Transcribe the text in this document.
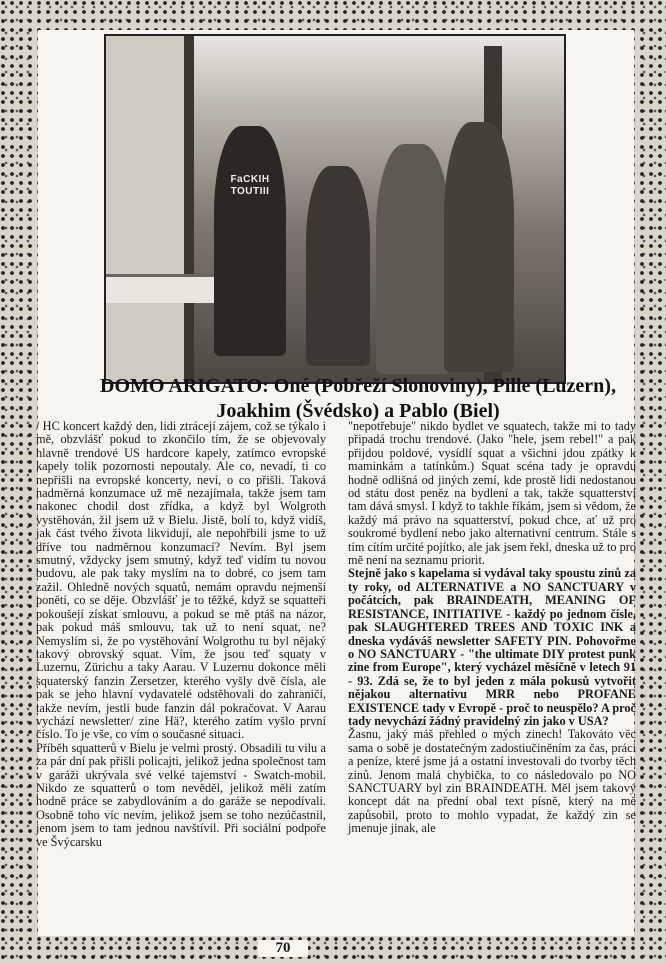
FaCKIH TOUTIII
DOMO ARIGATO: Oné (Pobřeží Slonoviny), Pille (Luzern),
Joakhim (Švédsko) a Pablo (Biel)

/ HC koncert každý den, lidi ztrácejí zájem, což se týkalo i mě, obzvlášť pokud to zkončilo tím, že se objevovaly hlavně trendové US hardcore kapely, zatímco evropské kapely tolik pozornosti nepoutaly. Ale co, nevadí, ti co nepřišli na evropské koncerty, neví, o co přišli. Taková nadměrná konzumace už mě nezajímala, takže jsem tam nakonec chodil dost zřídka, a když byl Wolgroth vystěhován, žil jsem už v Bielu. Jistě, bolí to, když vidíš, jak část tvého života likvidují, ale nepohřbili jsme to už dříve tou nadměrnou konzumací? Nevím. Byl jsem smutný, vždycky jsem smutný, když teď vidím tu novou budovu, ale pak taky myslím na to dobré, co jsem tam zažil. Ohledně nových squatů, nemám opravdu nejmenší ponětí, co se děje. Obzvlášť je to těžké, když se squatteři pokoušejí získat smlouvu, a pokud se mě ptáš na názor, pak pokud máš smlouvu, tak už to není squat, ne? Nemyslím si, že po vystěhování Wolgrothu tu byl nějaký takový obrovský squat. Vím, že jsou teď squaty v Luzernu, Zürichu a taky Aarau. V Luzernu dokonce měli squaterský fanzin Zersetzer, kterého vyšly dvě čísla, ale pak se jeho hlavní vydavatelé odstěhovali do zahraničí, takže nevím, jestli bude fanzin dál pokračovat. V Aarau vychází newsletter/ zine Hä?, kterého zatím vyšlo první číslo. To je vše, co vím o současné situaci.

Příběh squatterů v Bielu je velmi prostý. Obsadili tu vilu a za pár dní pak přišli policajti, jelikož jedna společnost tam v garáži ukrývala své velké tajemství - Swatch-mobil. Nikdo ze squatterů o tom nevěděl, jelikož měli zatím hodně práce se zabydlováním a do garáže se nepodívali. Osobně toho víc nevím, jelikož jsem se toho nezúčastnil, jenom jsem to tam jednou navštívil. Při sociální podpoře ve Švýcarsku

"nepotřebuje" nikdo bydlet ve squatech, takže mi to tady připadá trochu trendové. (Jako "hele, jsem rebel!" a pak přijdou poldové, vysídlí squat a všichni jdou zpátky k maminkám a tatínkům.) Squat scéna tady je opravdu hodně odlišná od jiných zemí, kde prostě lidi nedostanou od státu dost peněz na bydlení a tak, takže squatterství tam dává smysl. I když to takhle říkám, jsem si vědom, že každý má právo na squatterství, pokud chce, ať už pro soukromé bydlení nebo jako alternativní centrum. Stále s tím cítím určité pojítko, ale jak jsem řekl, dneska už to pro mě není na seznamu priorit.

Stejně jako s kapelama si vydával taky spoustu zinů za ty roky, od ALTERNATIVE a NO SANCTUARY v počátcích, pak BRAINDEATH, MEANING OF RESISTANCE, INITIATIVE - každý po jednom čísle, pak SLAUGHTERED TREES AND TOXIC INK a dneska vydáváš newsletter SAFETY PIN. Pohovořme o NO SANCTUARY - "the ultimate DIY protest punk zine from Europe", který vycházel měsíčně v letech 91 - 93. Zdá se, že to byl jeden z mála pokusů vytvořit nějakou alternativu MRR nebo PROFANE EXISTENCE tady v Evropě - proč to neuspělo? A proč tady nevychází žádný pravidelný zin jako v USA?

Žasnu, jaký máš přehled o mých zinech! Takováto věc sama o sobě je dostatečným zadostiučiněním za čas, práci a peníze, které jsme já a ostatní investovali do tvorby těch zinů. Jenom malá chybička, to co následovalo po NO SANCTUARY byl zin BRAINDEATH. Měl jsem takový koncept dát na přední obal text písně, který na mě zapůsobil, proto to mohlo vypadat, že každý zin se jmenuje jinak, ale

70
